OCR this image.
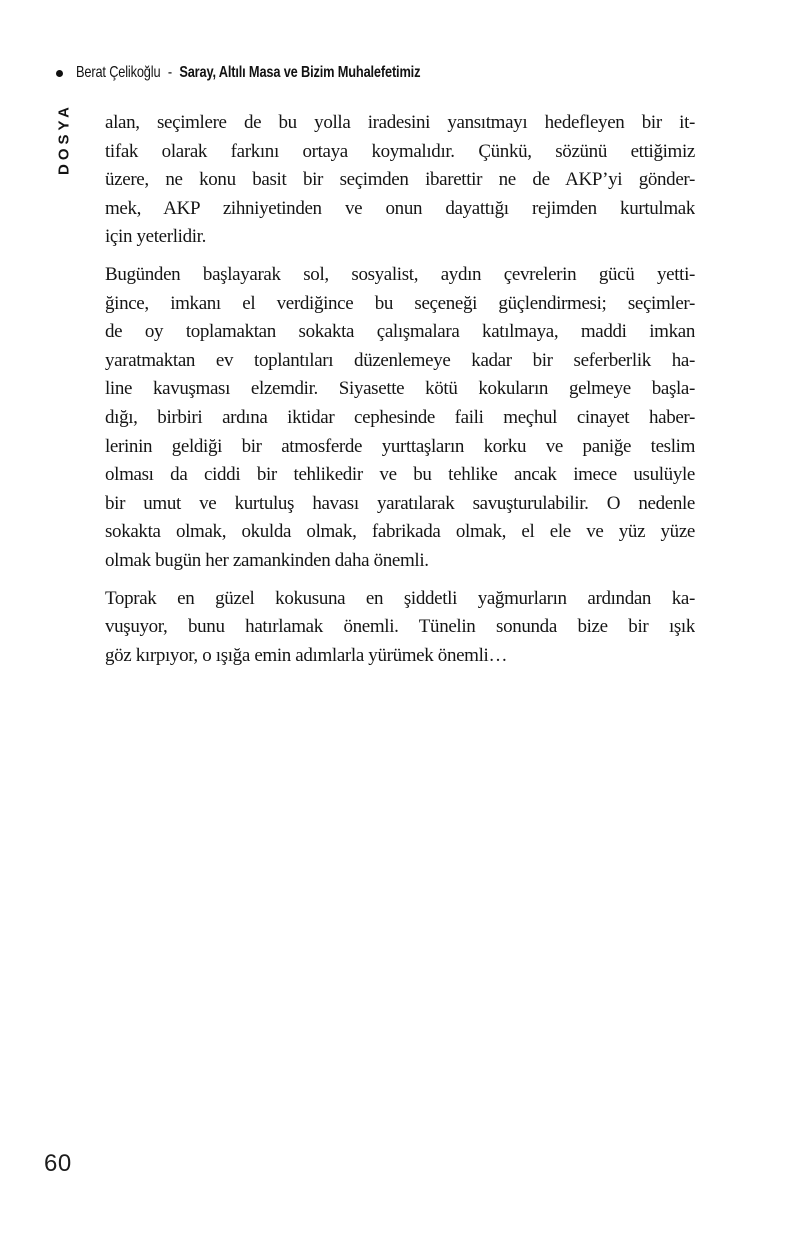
Berat Çelikoğlu - Saray, Altılı Masa ve Bizim Muhalefetimiz
DOSYA alan, seçimlere de bu yolla iradesini yansıtmayı hedefleyen bir it-
tifak olarak farkını ortaya koymalıdır. Çünkü, sözünü ettiğimiz
üzere, ne konu basit bir seçimden ibarettir ne de AKP’yi gönder-
mek, AKP zihniyetinden ve onun dayattığı rejimden kurtulmak
için yeterlidir.
Bugünden başlayarak sol, sosyalist, aydın çevrelerin gücü yetti-
ğince, imkanı el verdiğince bu seçeneği güçlendirmesi; seçimler-
de oy toplamaktan sokakta çalışmalara katılmaya, maddi imkan
yaratmaktan ev toplantıları düzenlemeye kadar bir seferberlik ha-
line kavuşması elzemdir. Siyasette kötü kokuların gelmeye başla-
dığı, birbiri ardına iktidar cephesinde faili meçhul cinayet haber-
lerinin geldiği bir atmosferde yurttaşların korku ve paniğe teslim
olması da ciddi bir tehlikedir ve bu tehlike ancak imece usulüyle
bir umut ve kurtuluş havası yaratılarak savuşturulabilir. O nedenle
sokakta olmak, okulda olmak, fabrikada olmak, el ele ve yüz yüze
olmak bugün her zamankinden daha önemli.
Toprak en güzel kokusuna en şiddetli yağmurların ardından ka-
vuşuyor, bunu hatırlamak önemli. Tünelin sonunda bize bir ışık
göz kırpıyor, o ışığa emin adımlarla yürümek önemli…
60
